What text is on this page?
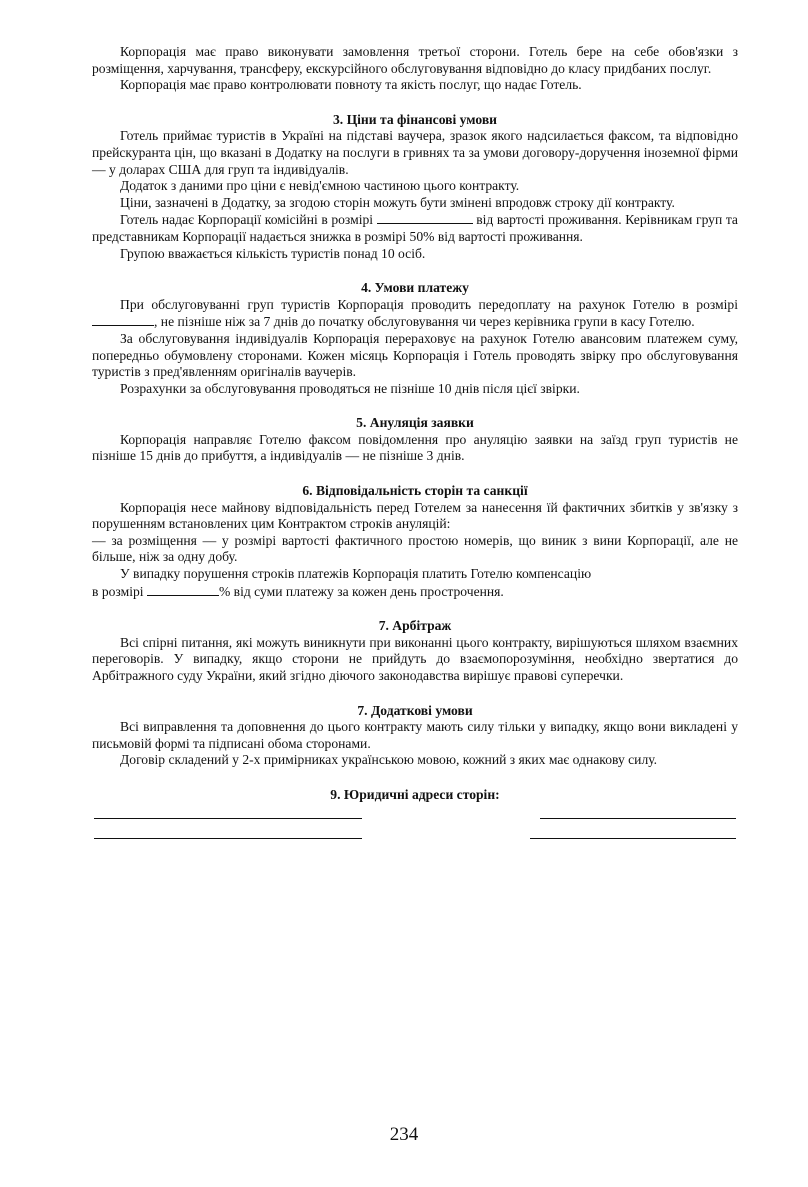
Корпорація має право виконувати замовлення третьої сторони. Готель бере на себе обов'язки з розміщення, харчування, трансферу, екскурсійного обслуговування відповідно до класу придбаних послуг.

Корпорація має право контролювати повноту та якість послуг, що надає Готель.

3. Ціни та фінансові умови

Готель приймає туристів в Україні на підставі ваучера, зразок якого надсилається факсом, та відповідно прейскуранта цін, що вказані в Додатку на послуги в гривнях та за умови договору-доручення іноземної фірми — у доларах США для груп та індивідуалів.

Додаток з даними про ціни є невід'ємною частиною цього контракту.

Ціни, зазначені в Додатку, за згодою сторін можуть бути змінені впродовж строку дії контракту.

Готель надає Корпорації комісійні в розмірі	від вартості проживання. Керівникам груп та представникам Корпорації надається знижка в розмірі 50% від вартості проживання.

Групою вважається кількість туристів понад 10 осіб.

4. Умови платежу

При обслуговуванні груп туристів Корпорація проводить передоплату на рахунок Готелю в розмірі, не пізніше ніж за 7 днів до початку обслуговування чи через керівника групи в касу Готелю.

За обслуговування індивідуалів Корпорація перераховує на рахунок Готелю авансовим платежем суму, попередньо обумовлену сторонами. Кожен місяць Корпорація і Готель проводять звірку про обслуговування туристів з пред'явленням оригіналів ваучерів.

Розрахунки за обслуговування проводяться не пізніше 10 днів після цієї звірки.

5. Ануляція заявки

Корпорація направляє Готелю факсом повідомлення про ануляцію заявки на заїзд груп туристів не пізніше 15 днів до прибуття, а індивідуалів — не пізніше 3 днів.

6. Відповідальність сторін та санкції

Корпорація несе майнову відповідальність перед Готелем за нанесення їй фактичних збитків у зв'язку з порушенням встановлених цим Контрактом строків ануляцій:

— за розміщення — у розмірі вартості фактичного простою номерів, що виник з вини Корпорації, але не більше, ніж за одну добу.

У випадку порушення строків платежів Корпорація платить Готелю компенсацію

в розмірі	% від суми платежу за кожен день прострочення.

7. Арбітраж

Всі спірні питання, які можуть виникнути при виконанні цього контракту, вирішуються шляхом взаємних переговорів. У випадку, якщо сторони не прийдуть до взаємопорозуміння, необхідно звертатися до Арбітражного суду України, який згідно діючого законодавства вирішує правові суперечки.

7. Додаткові умови

Всі виправлення та доповнення до цього контракту мають силу тільки у випадку, якщо вони викладені у письмовій формі та підписані обома сторонами.

Договір складений у 2-х примірниках українською мовою, кожний з яких має однакову силу.

9. Юридичні адреси сторін:
234
